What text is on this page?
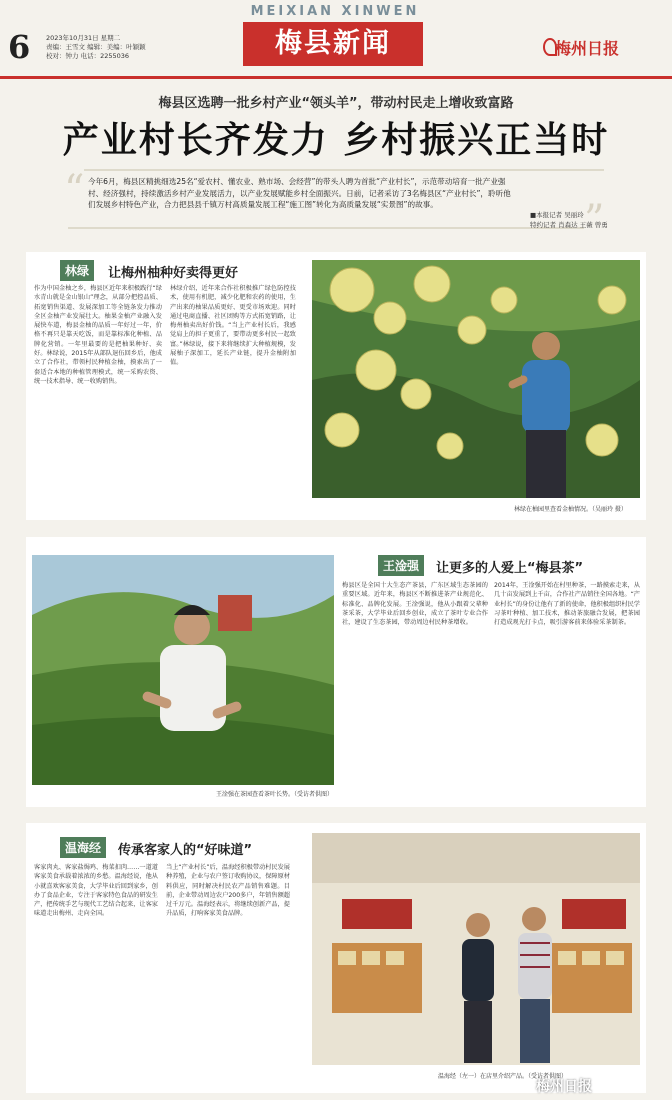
6 2023年10月31日 星期二
责编：王雪文 编辑：美编：叶颖颖
校对：钟力 电话：2255036
MEIXIAN XINWEN
梅县新闻	梅州日报
梅县区选聘一批乡村产业“领头羊”，带动村民走上增收致富路
产业村长齐发力 乡村振兴正当时
“
”
今年6月，梅县区精挑细选25名“爱农村、懂农业、熟市场、会经营”的带头人聘为首批“产业村长”，示范带动培育一批产业强村、经济强村，持续激活乡村产业发展活力，以产业发展赋能乡村全面振兴。日前，记者采访了3名梅县区“产业村长”，聆听他们发展乡村特色产业，合力把县县千镇万村高质量发展工程“施工图”转化为高质量发展“实景图”的故事。
■本报记者 吴丽玲
特约记者 肖森达 王薇 曾勇
林绿	让梅州柚种好卖得更好
作为中国金柚之乡，梅县区近年来积极践行“绿水青山就是金山银山”理念，从部分把控品质、拓宽销售渠道、发展深加工等全链条发力推动全区金柚产业发展壮大。柚果金柚产业融入发展快车道，梅县金柚的品质一年好过一年，价格不再只是靠天吃饭，而是靠标准化种植、品牌化营销。一年里最要的是把柚果种好、卖好。林绿说，2015年从部队退伍回乡后，他成立了合作社，带领村民种植金柚，摸索出了一套适合本地的种植管理模式，统一采购农资、统一技术指导、统一收购销售。
林绿介绍，近年来合作社积极推广绿色防控技术，使用有机肥，减少化肥和农药的使用，生产出来的柚果品质更好、更受市场欢迎。同时通过电商直播、社区团购等方式拓宽销路，让梅州柚卖出好价钱。“当上产业村长后，我感觉肩上的担子更重了，要带动更多村民一起致富。”林绿说，接下来将继续扩大种植规模，发展柚子深加工，延长产业链，提升金柚附加值。
林绿在柚园里查看金柚情况。（吴丽玲 摄）
王淦强在茶园查看茶叶长势。（受访者供图）
王淦强	让更多的人爱上“梅县茶”
梅县区是全国十大生态产茶县，广东区域生态茶园的重要区域。近年来，梅县区不断推进茶产业规范化、标准化、品牌化发展。王淦强说，他从小跟着父辈种茶采茶，大学毕业后回乡创业，成立了茶叶专业合作社，建设了生态茶园，带动周边村民种茶增收。
2014年，王淦强开始在村里种茶，一路摸索走来，从几十亩发展到上千亩，合作社产品销往全国各地。“产业村长”的身份让他有了新的使命，他积极组织村民学习茶叶种植、加工技术，推动茶旅融合发展，把茶园打造成观光打卡点，吸引游客前来体验采茶制茶。
温海经	传承客家人的“好味道”
客家肉丸、客家盐焗鸡、梅菜扣肉……一道道客家美食承载着浓浓的乡愁。温海经说，他从小就喜欢客家美食，大学毕业后回到家乡，创办了食品企业，专注于客家特色食品的研发生产，把传统手艺与现代工艺结合起来，让客家味道走出梅州、走向全国。
当上“产业村长”后，温海经积极带动村民发展种养殖，企业与农户签订收购协议，保障原材料供应，同时解决村民农产品销售难题。目前，企业带动周边农户200多户，年销售额超过千万元。温海经表示，将继续创新产品，提升品质，打响客家美食品牌。
温海经（左一）在店里介绍产品。（受访者供图）
梅州日报
